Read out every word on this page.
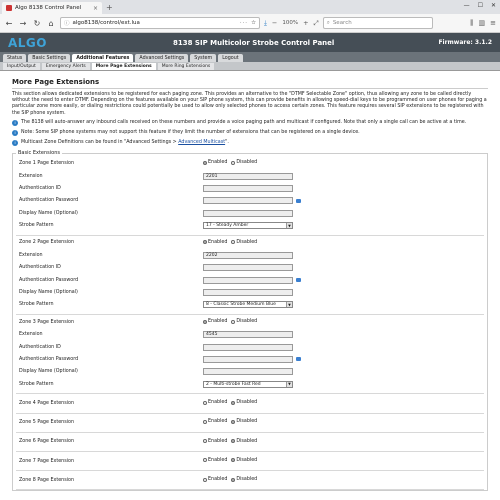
Algo 8138 Control Panel	× +	— ☐ ✕
← → ↻	⌂	ⓘ algo8138/control/ext.lua	··· ☆ ⤓ − 100% + ⤢ ⌕ Search	⫼ ▥ ≡
ALGO	8138 SIP Multicolor Strobe Control Panel	Firmware: 3.1.2
Status	Basic Settings	Additional Features	Advanced Settings	System	Logout
Input/Output	Emergency Alerts	More Page Extensions	More Ring Extensions
More Page Extensions

This section allows dedicated extensions to be registered for each paging zone. This provides an alternative to the "DTMF Selectable Zone" option, thus allowing any zone to be called directly without the need to enter DTMF. Depending on the features available on your SIP phone system, this can provide benefits in allowing speed-dial keys to be programmed on user phones for paging a particular zone more easily, or dialing restrictions could potentially be used to allow only selected phones to access certain zones. This feature requires several SIP extensions to be registered with the SIP phone system.

i	The 8138 will auto-answer any inbound calls received on these numbers and provide a voice paging path and multicast if configured. Note that only a single call can be active at a time.
i	Note: Some SIP phone systems may not support this feature if they limit the number of extensions that can be registered on a single device.
i	Multicast Zone Definitions can be found in "Advanced Settings > Advanced Multicast".
Basic Extensions
Zone 1 Page Extension	Enabled Disabled
Extension	2201
Authentication ID
Authentication Password
Display Name (Optional)
Strobe Pattern	17 - Steady Amber	▼
Zone 2 Page Extension	Enabled Disabled
Extension	2202
Authentication ID
Authentication Password
Display Name (Optional)
Strobe Pattern	8 - Classic Strobe Medium Blue	▼
Zone 3 Page Extension	Enabled Disabled
Extension	4545
Authentication ID
Authentication Password
Display Name (Optional)
Strobe Pattern	2 - Multi-strobe Fast Red	▼
Zone 4 Page Extension	Enabled Disabled
Zone 5 Page Extension	Enabled Disabled
Zone 6 Page Extension	Enabled Disabled
Zone 7 Page Extension	Enabled Disabled
Zone 8 Page Extension	Enabled Disabled
